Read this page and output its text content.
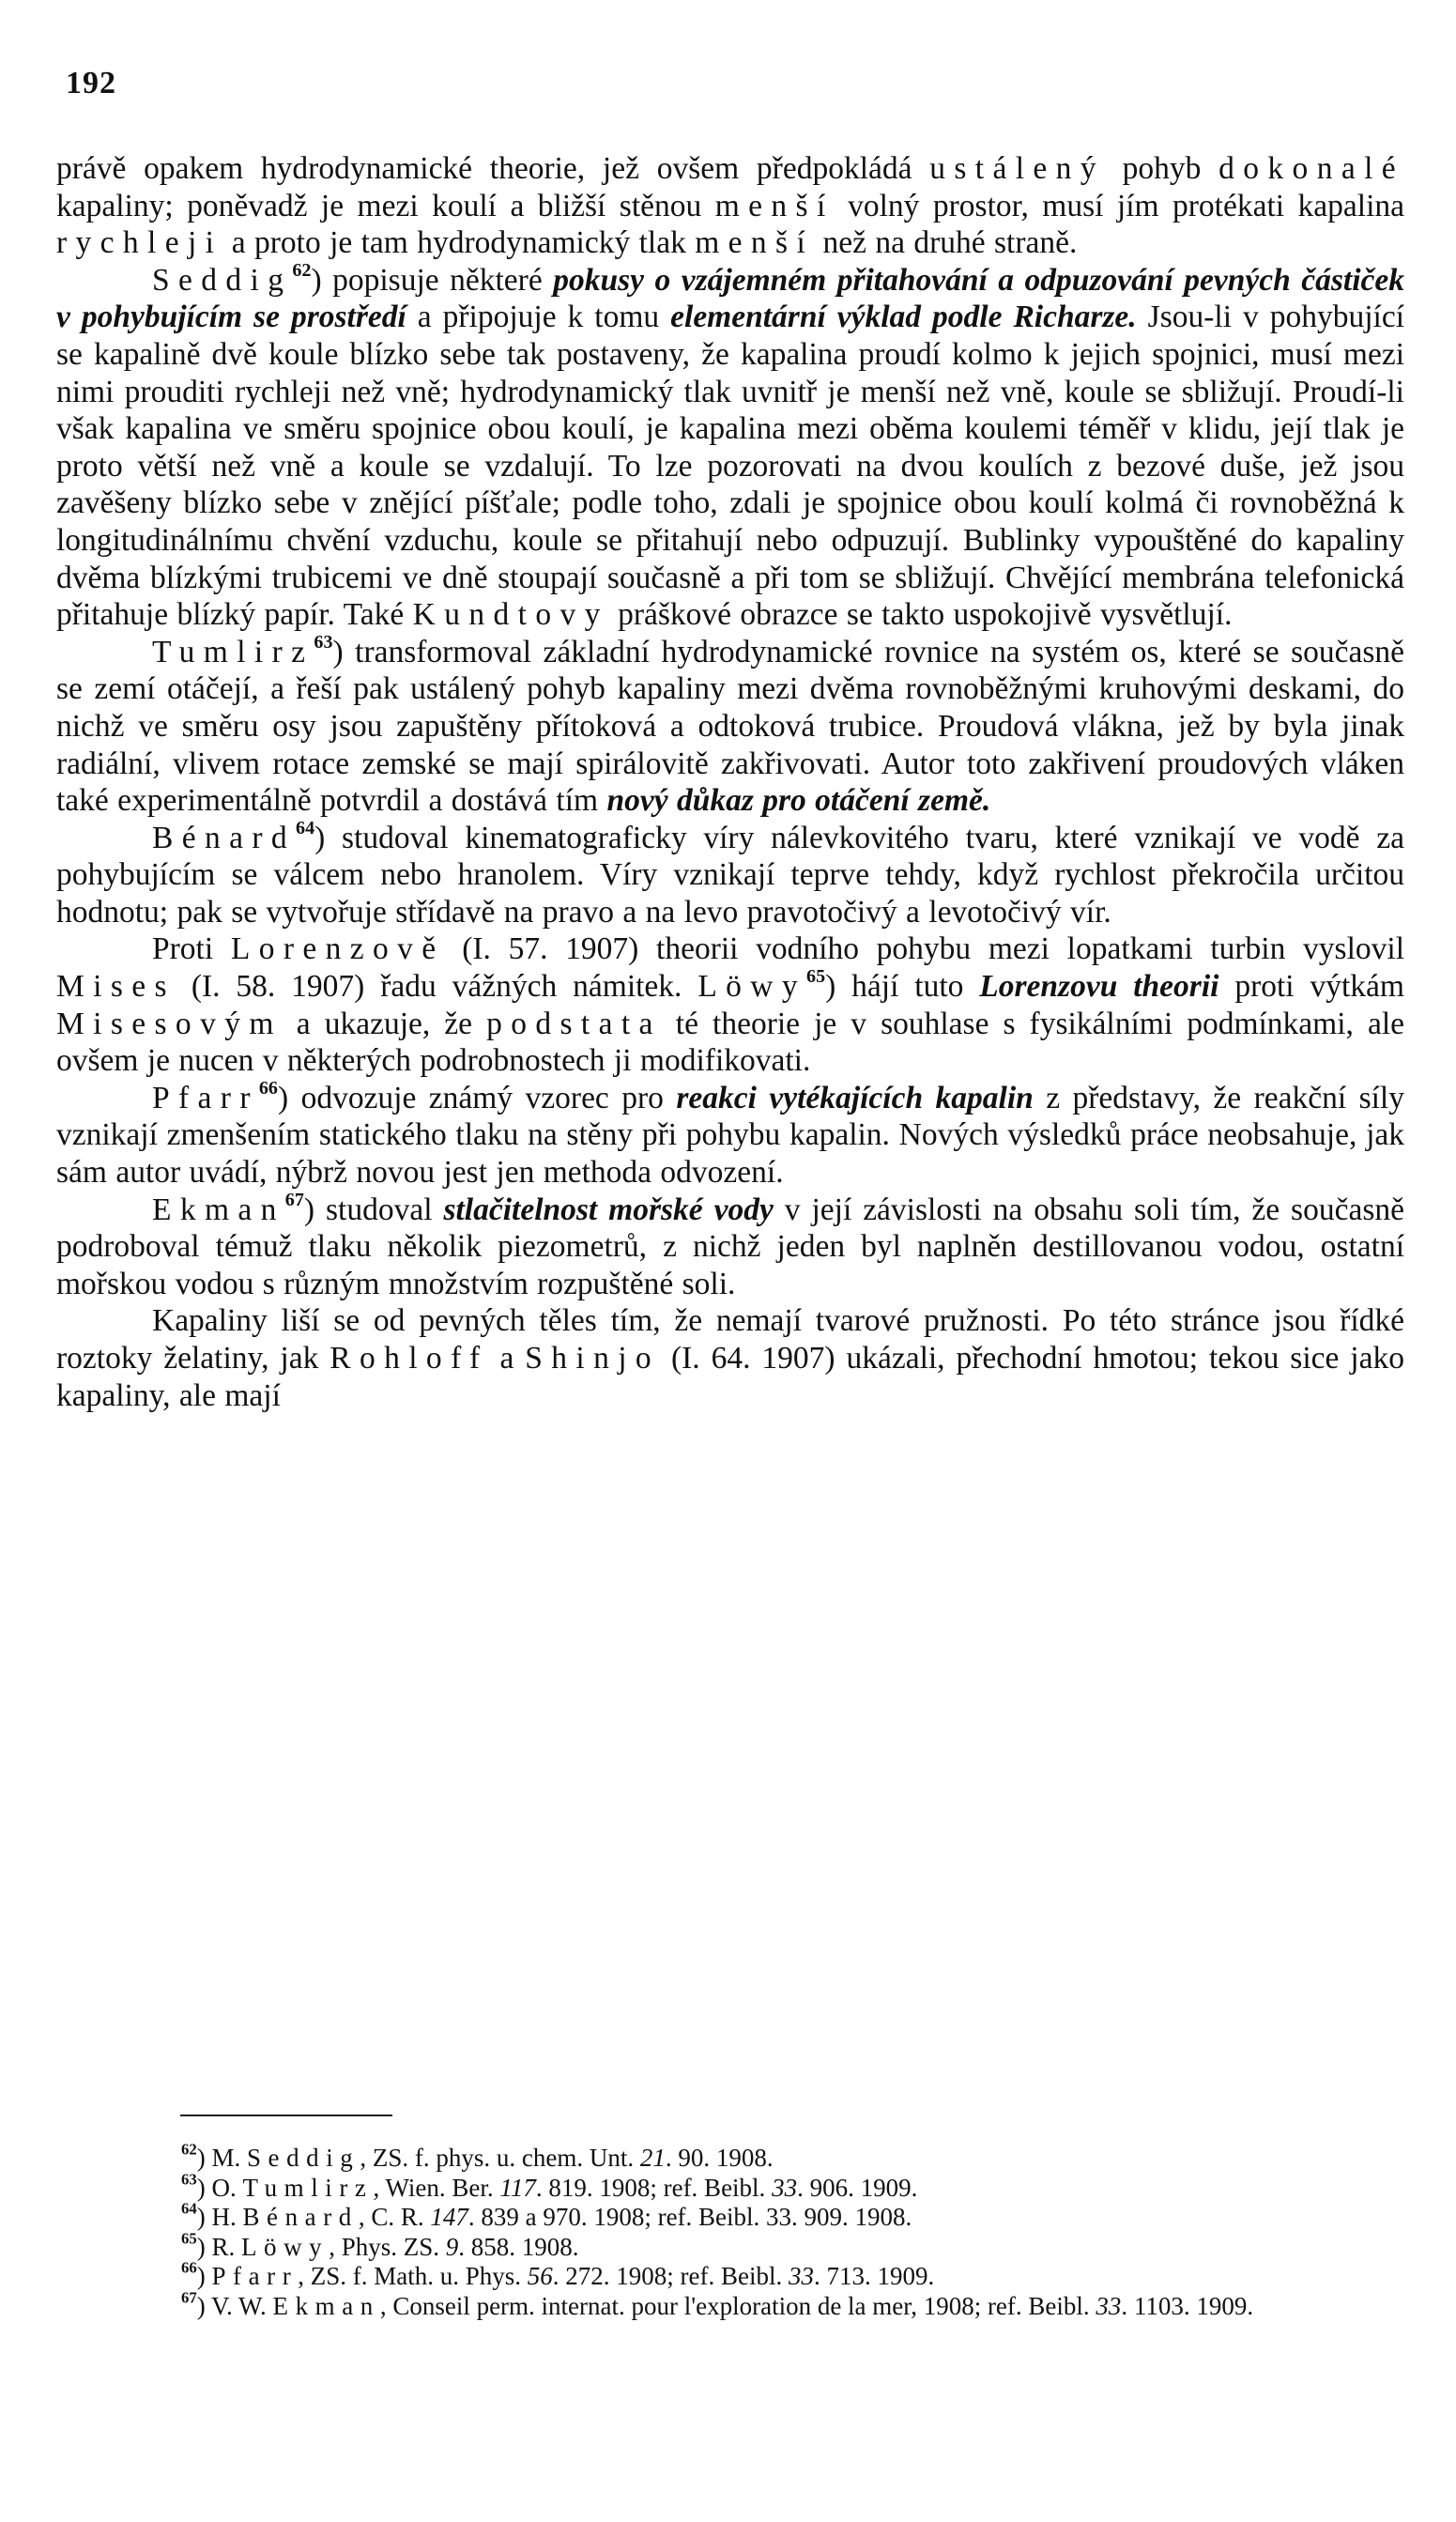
192

právě opakem hydrodynamické theorie, jež ovšem předpokládá ustálený pohyb dokonalé kapaliny; poněvadž je mezi koulí a bližší stěnou menší volný prostor, musí jím protékati kapalina rychleji a proto je tam hydrodynamický tlak menší než na druhé straně.

Seddig$^{62}$) popisuje některé pokusy o vzájemném přitahování a odpuzování pevných částiček v pohybujícím se prostředí a připojuje k tomu elementární výklad podle Richarze. Jsou-li v pohybující se kapalině dvě koule blízko sebe tak postaveny, že kapalina proudí kolmo k jejich spojnici, musí mezi nimi prouditi rychleji než vně; hydrodynamický tlak uvnitř je menší než vně, koule se sbližují. Proudí-li však kapalina ve směru spojnice obou koulí, je kapalina mezi oběma koulemi téměř v klidu, její tlak je proto větší než vně a koule se vzdalují. To lze pozorovati na dvou koulích z bezové duše, jež jsou zavěšeny blízko sebe v znějící píšťale; podle toho, zdali je spojnice obou koulí kolmá či rovnoběžná k longitudinálnímu chvění vzduchu, koule se přitahují nebo odpuzují. Bublinky vypouštěné do kapaliny dvěma blízkými trubicemi ve dně stoupají současně a při tom se sbližují. Chvějící membrána telefonická přitahuje blízký papír. Také Kundtovy práškové obrazce se takto uspokojivě vysvětlují.

Tumlirz$^{63}$) transformoval základní hydrodynamické rovnice na systém os, které se současně se zemí otáčejí, a řeší pak ustálený pohyb kapaliny mezi dvěma rovnoběžnými kruhovými deskami, do nichž ve směru osy jsou zapuštěny přítoková a odtoková trubice. Proudová vlákna, jež by byla jinak radiální, vlivem rotace zemské se mají spirálovitě zakřivovati. Autor toto zakřivení proudových vláken také experimentálně potvrdil a dostává tím nový důkaz pro otáčení země.

Bénard$^{64}$) studoval kinematograficky víry nálevkovitého tvaru, které vznikají ve vodě za pohybujícím se válcem nebo hranolem. Víry vznikají teprve tehdy, když rychlost překročila určitou hodnotu; pak se vytvořuje střídavě na pravo a na levo pravotočivý a levotočivý vír.

Proti Lorenzově (I. 57. 1907) theorii vodního pohybu mezi lopatkami turbin vyslovil Mises (I. 58. 1907) řadu vážných námitek. Löwy$^{65}$) hájí tuto Lorenzovu theorii proti výtkám Misesovým a ukazuje, že podstata té theorie je v souhlase s fysikálními podmínkami, ale ovšem je nucen v některých podrobnostech ji modifikovati.

Pfarr$^{66}$) odvozuje známý vzorec pro reakci vytékajících kapalin z představy, že reakční síly vznikají zmenšením statického tlaku na stěny při pohybu kapalin. Nových výsledků práce neobsahuje, jak sám autor uvádí, nýbrž novou jest jen methoda odvození.

Ekman$^{67}$) studoval stlačitelnost mořské vody v její závislosti na obsahu soli tím, že současně podroboval témuž tlaku několik piezometrů, z nichž jeden byl naplněn destillovanou vodou, ostatní mořskou vodou s různým množstvím rozpuštěné soli.

Kapaliny liší se od pevných těles tím, že nemají tvarové pružnosti. Po této stránce jsou řídké roztoky želatiny, jak Rohloff a Shinjo (I. 64. 1907) ukázali, přechodní hmotou; tekou sice jako kapaliny, ale mají

$^{62}$) M. Seddig, ZS. f. phys. u. chem. Unt. 21. 90. 1908.

$^{63}$) O. Tumlirz, Wien. Ber. 117. 819. 1908; ref. Beibl. 33. 906. 1909.

$^{64}$) H. Bénard, C. R. 147. 839 a 970. 1908; ref. Beibl. 33. 909. 1908.

$^{65}$) R. Löwy, Phys. ZS. 9. 858. 1908.

$^{66}$) Pfarr, ZS. f. Math. u. Phys. 56. 272. 1908; ref. Beibl. 33. 713. 1909.

$^{67}$) V. W. Ekman, Conseil perm. internat. pour l'exploration de la mer, 1908; ref. Beibl. 33. 1103. 1909.
